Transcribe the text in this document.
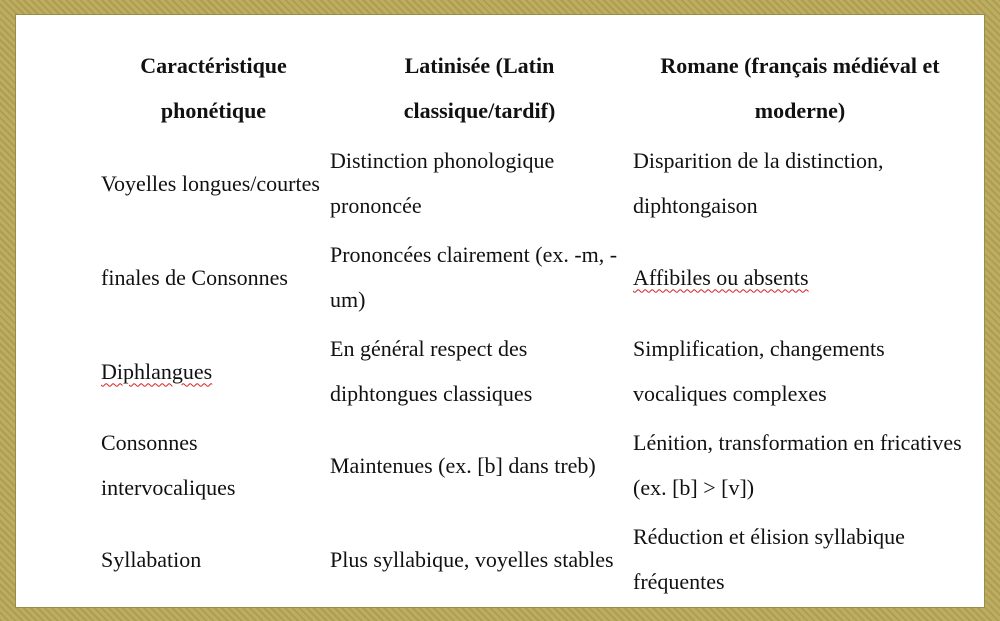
Caractéristique phonétique	Latinisée (Latin classique/tardif)	Romane (français médiéval et moderne)
Voyelles longues/courtes	Distinction phonologique prononcée	Disparition de la distinction, diphtongaison
finales de Consonnes	Prononcées clairement (ex. -m, -um)	Affibiles ou absents
Diphlangues	En général respect des diphtongues classiques	Simplification, changements vocaliques complexes
Consonnes intervocaliques	Maintenues (ex. [b] dans treb)	Lénition, transformation en fricatives (ex. [b] > [v])
Syllabation	Plus syllabique, voyelles stables	Réduction et élision syllabique fréquentes
